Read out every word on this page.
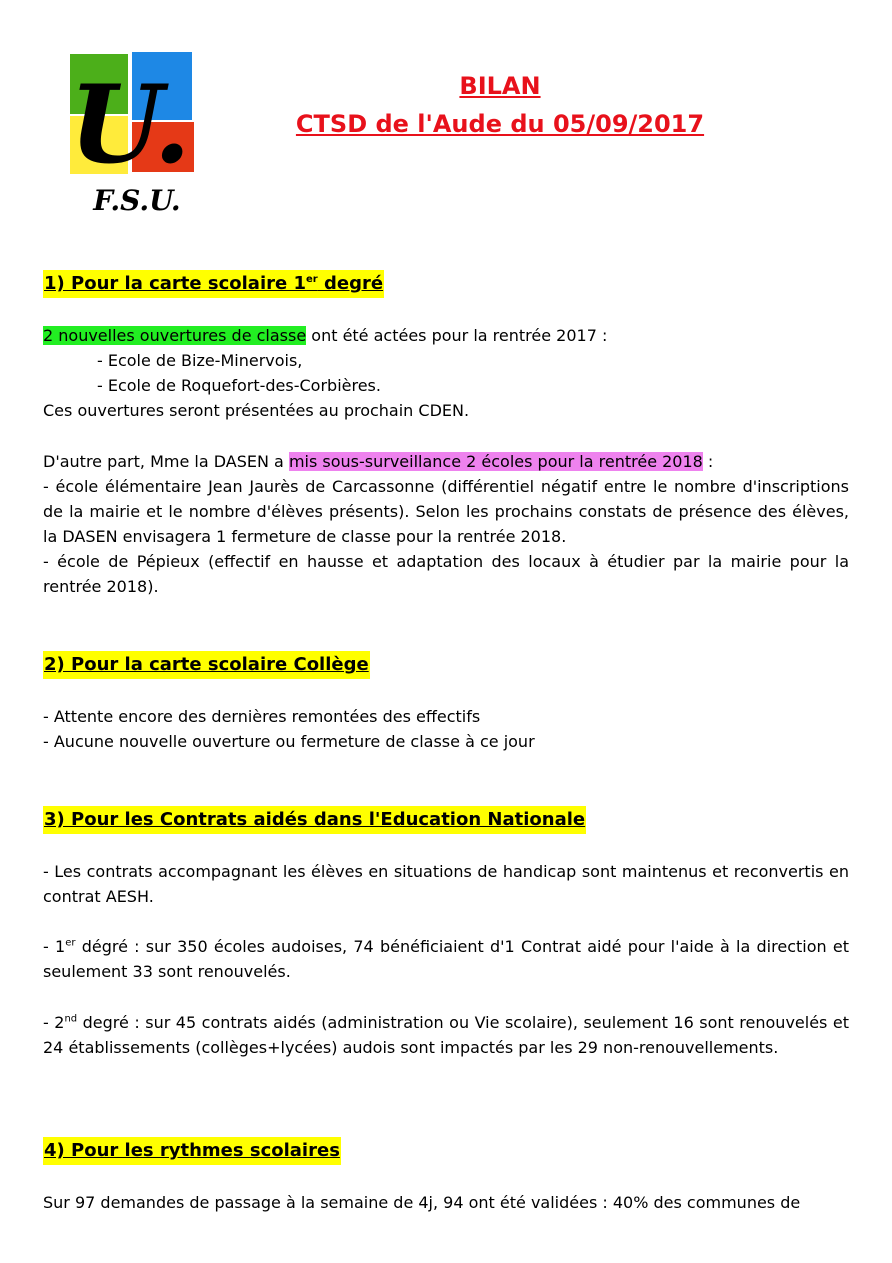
U.
F.S.U.
BILAN
CTSD de l'Aude du 05/09/2017
1) Pour la carte scolaire 1er degré
2 nouvelles ouvertures de classe ont été actées pour la rentrée 2017 :
- Ecole de Bize-Minervois,
- Ecole de Roquefort-des-Corbières.
Ces ouvertures seront présentées au prochain CDEN.
D'autre part, Mme la DASEN a mis sous-surveillance 2 écoles pour la rentrée 2018 :
- école élémentaire Jean Jaurès de Carcassonne (différentiel négatif entre le nombre d'inscriptions de la mairie et le nombre d'élèves présents). Selon les prochains constats de présence des élèves, la DASEN envisagera 1 fermeture de classe pour la rentrée 2018.
- école de Pépieux (effectif en hausse et adaptation des locaux à étudier par la mairie pour la rentrée 2018).
2) Pour la carte scolaire Collège
- Attente encore des dernières remontées des effectifs
- Aucune nouvelle ouverture ou fermeture de classe à ce jour
3) Pour les Contrats aidés dans l'Education Nationale
- Les contrats accompagnant les élèves en situations de handicap sont maintenus et reconvertis en contrat AESH.
- 1er dégré : sur 350 écoles audoises, 74 bénéficiaient d'1 Contrat aidé pour l'aide à la direction et seulement 33 sont renouvelés.
- 2nd degré : sur 45 contrats aidés (administration ou Vie scolaire), seulement 16 sont renouvelés et 24 établissements (collèges+lycées) audois sont impactés par les 29 non-renouvellements.
4) Pour les rythmes scolaires
Sur 97 demandes de passage à la semaine de 4j, 94 ont été validées : 40% des communes de
